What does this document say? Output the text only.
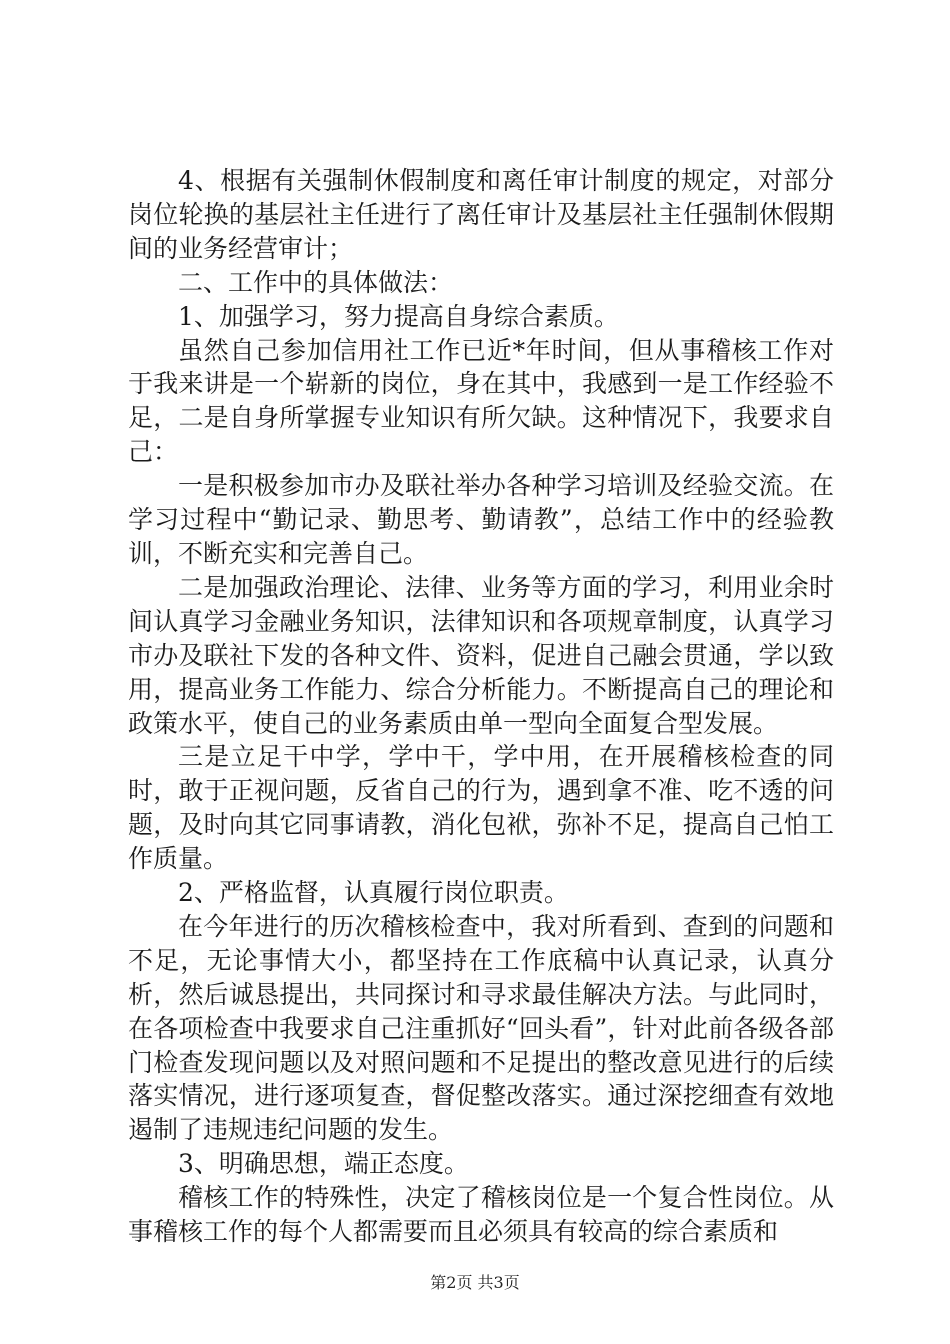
4、根据有关强制休假制度和离任审计制度的规定，对部分岗位轮换的基层社主任进行了离任审计及基层社主任强制休假期间的业务经营审计；

二、工作中的具体做法：

1、加强学习，努力提高自身综合素质。

虽然自己参加信用社工作已近*年时间，但从事稽核工作对于我来讲是一个崭新的岗位，身在其中，我感到一是工作经验不足，二是自身所掌握专业知识有所欠缺。这种情况下，我要求自己：

一是积极参加市办及联社举办各种学习培训及经验交流。在学习过程中“勤记录、勤思考、勤请教”，总结工作中的经验教训，不断充实和完善自己。

二是加强政治理论、法律、业务等方面的学习，利用业余时间认真学习金融业务知识，法律知识和各项规章制度，认真学习市办及联社下发的各种文件、资料，促进自己融会贯通，学以致用，提高业务工作能力、综合分析能力。不断提高自己的理论和政策水平，使自己的业务素质由单一型向全面复合型发展。

三是立足干中学，学中干，学中用，在开展稽核检查的同时，敢于正视问题，反省自己的行为，遇到拿不准、吃不透的问题，及时向其它同事请教，消化包袱，弥补不足，提高自己怕工作质量。

2、严格监督，认真履行岗位职责。

在今年进行的历次稽核检查中，我对所看到、查到的问题和不足，无论事情大小，都坚持在工作底稿中认真记录，认真分析，然后诚恳提出，共同探讨和寻求最佳解决方法。与此同时，在各项检查中我要求自己注重抓好“回头看”，针对此前各级各部门检查发现问题以及对照问题和不足提出的整改意见进行的后续落实情况，进行逐项复查，督促整改落实。通过深挖细查有效地遏制了违规违纪问题的发生。

3、明确思想，端正态度。

稽核工作的特殊性，决定了稽核岗位是一个复合性岗位。从事稽核工作的每个人都需要而且必须具有较高的综合素质和

第2页 共3页
